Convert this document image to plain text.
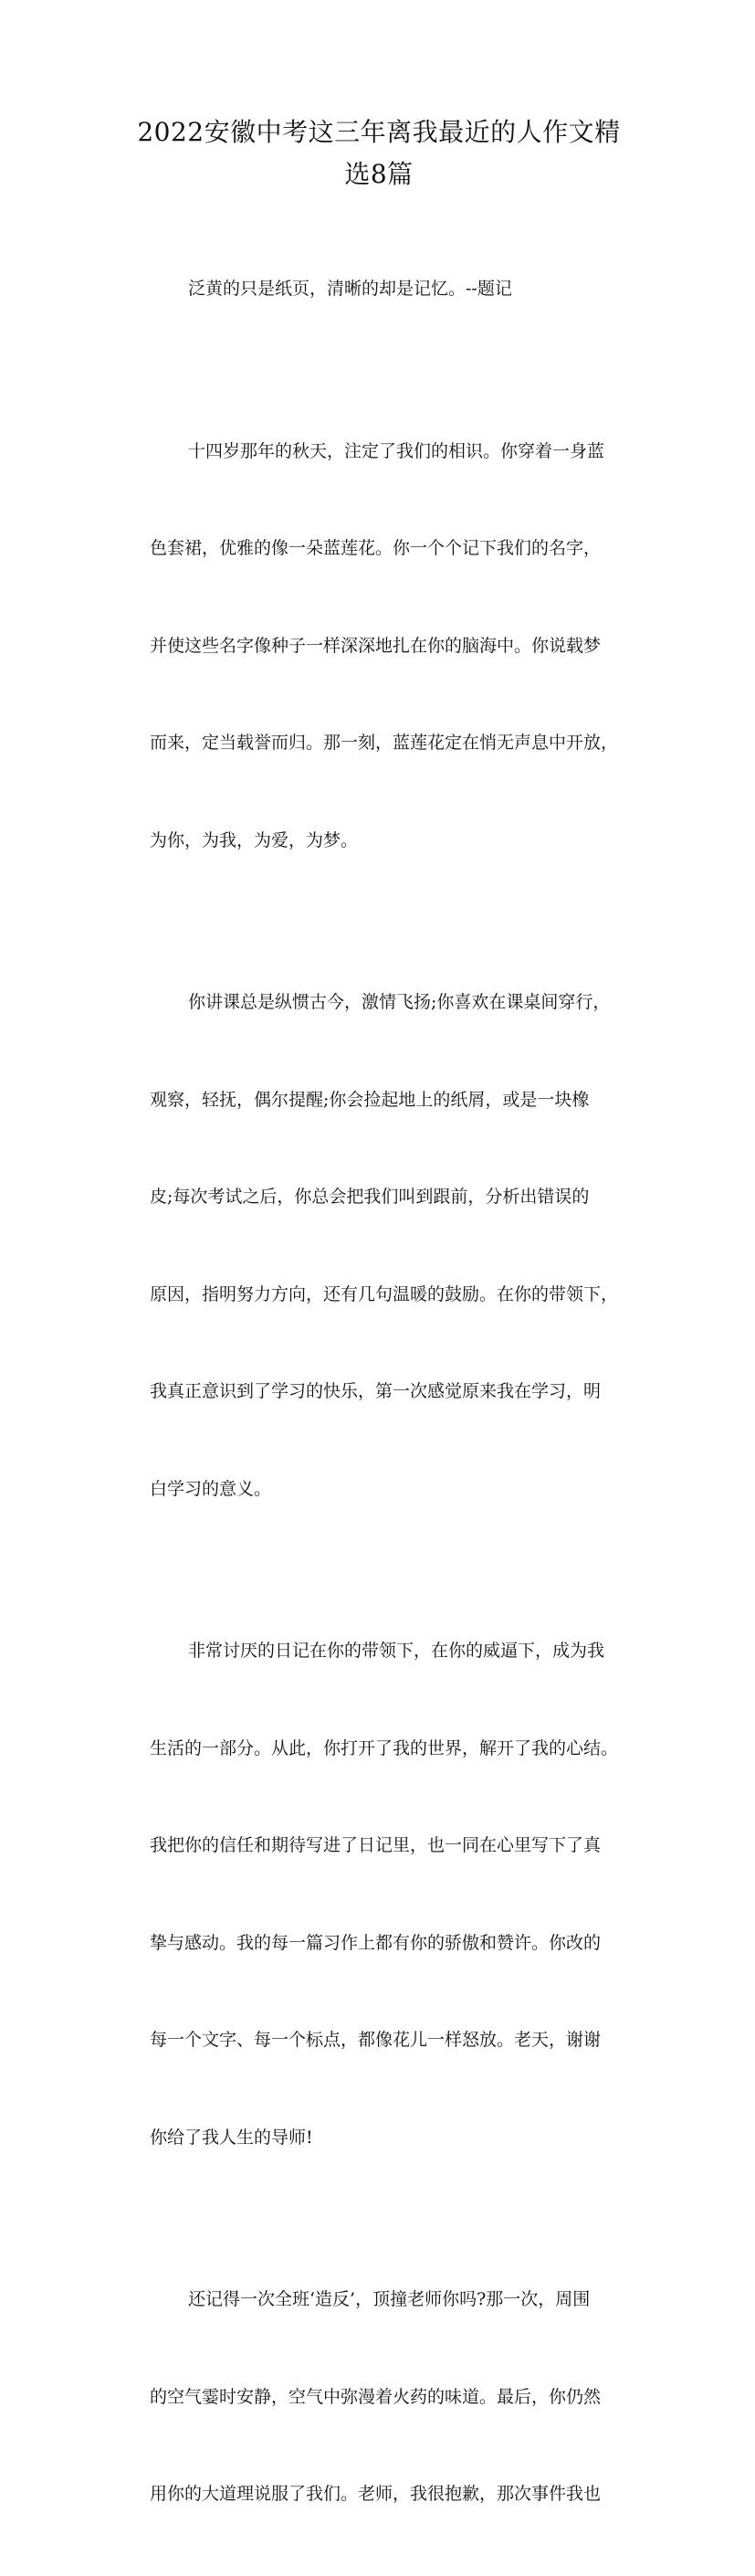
2022安徽中考这三年离我最近的人作文精
选8篇

泛黄的只是纸页，清晰的却是记忆。--题记

十四岁那年的秋天，注定了我们的相识。你穿着一身蓝

色套裙，优雅的像一朵蓝莲花。你一个个记下我们的名字，

并使这些名字像种子一样深深地扎在你的脑海中。你说载梦

而来，定当载誉而归。那一刻，蓝莲花定在悄无声息中开放，

为你，为我，为爱，为梦。

你讲课总是纵惯古今，激情飞扬;你喜欢在课桌间穿行，

观察，轻抚，偶尔提醒;你会捡起地上的纸屑，或是一块橡

皮;每次考试之后，你总会把我们叫到跟前，分析出错误的

原因，指明努力方向，还有几句温暖的鼓励。在你的带领下，

我真正意识到了学习的快乐，第一次感觉原来我在学习，明

白学习的意义。

非常讨厌的日记在你的带领下，在你的威逼下，成为我

生活的一部分。从此，你打开了我的世界，解开了我的心结。

我把你的信任和期待写进了日记里，也一同在心里写下了真

挚与感动。我的每一篇习作上都有你的骄傲和赞许。你改的

每一个文字、每一个标点，都像花儿一样怒放。老天，谢谢

你给了我人生的导师!

还记得一次全班‘造反’，顶撞老师你吗?那一次，周围

的空气霎时安静，空气中弥漫着火药的味道。最后，你仍然

用你的大道理说服了我们。老师，我很抱歉，那次事件我也
